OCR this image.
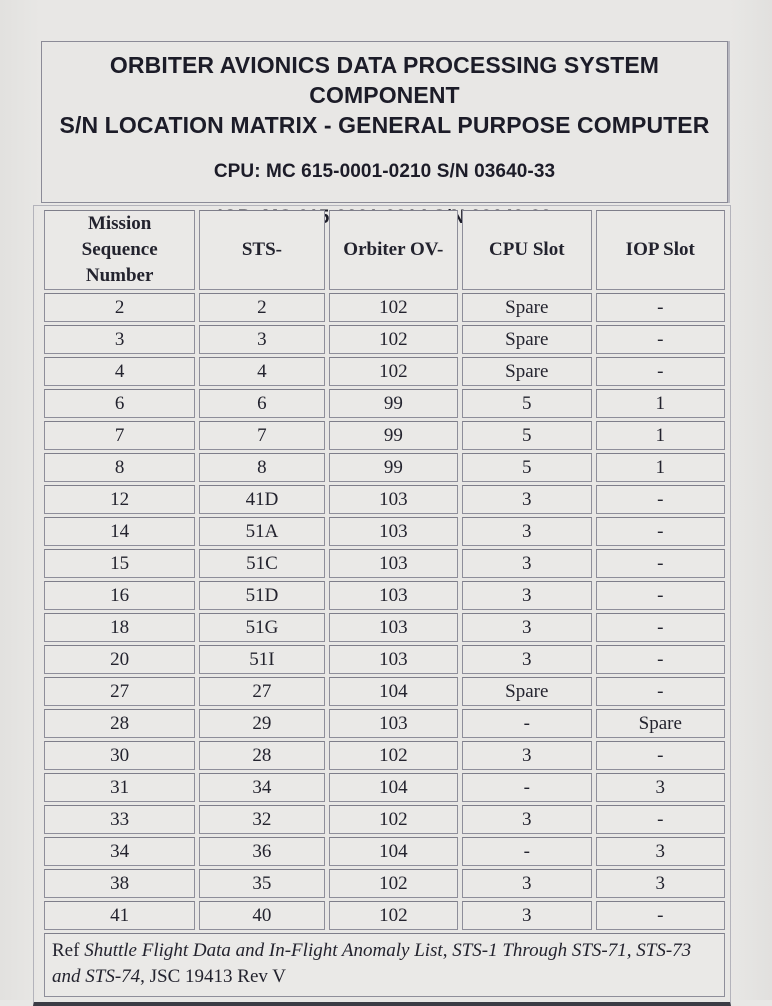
ORBITER AVIONICS DATA PROCESSING SYSTEM COMPONENT
S/N LOCATION MATRIX - GENERAL PURPOSE COMPUTER
CPU: MC 615-0001-0210 S/N 03640-33
Mission Sequence Number	STS-	Orbiter OV-	CPU Slot	IOP Slot
2	2	102	Spare	-
3	3	102	Spare	-
4	4	102	Spare	-
6	6	99	5	1
7	7	99	5	1
8	8	99	5	1
12	41D	103	3	-
14	51A	103	3	-
15	51C	103	3	-
16	51D	103	3	-
18	51G	103	3	-
20	51I	103	3	-
27	27	104	Spare	-
28	29	103	-	Spare
30	28	102	3	-
31	34	104	-	3
33	32	102	3	-
34	36	104	-	3
38	35	102	3	3
41	40	102	3	-
Ref Shuttle Flight Data and In-Flight Anomaly List, STS-1 Through STS-71, STS-73 and STS-74, JSC 19413 Rev V				
